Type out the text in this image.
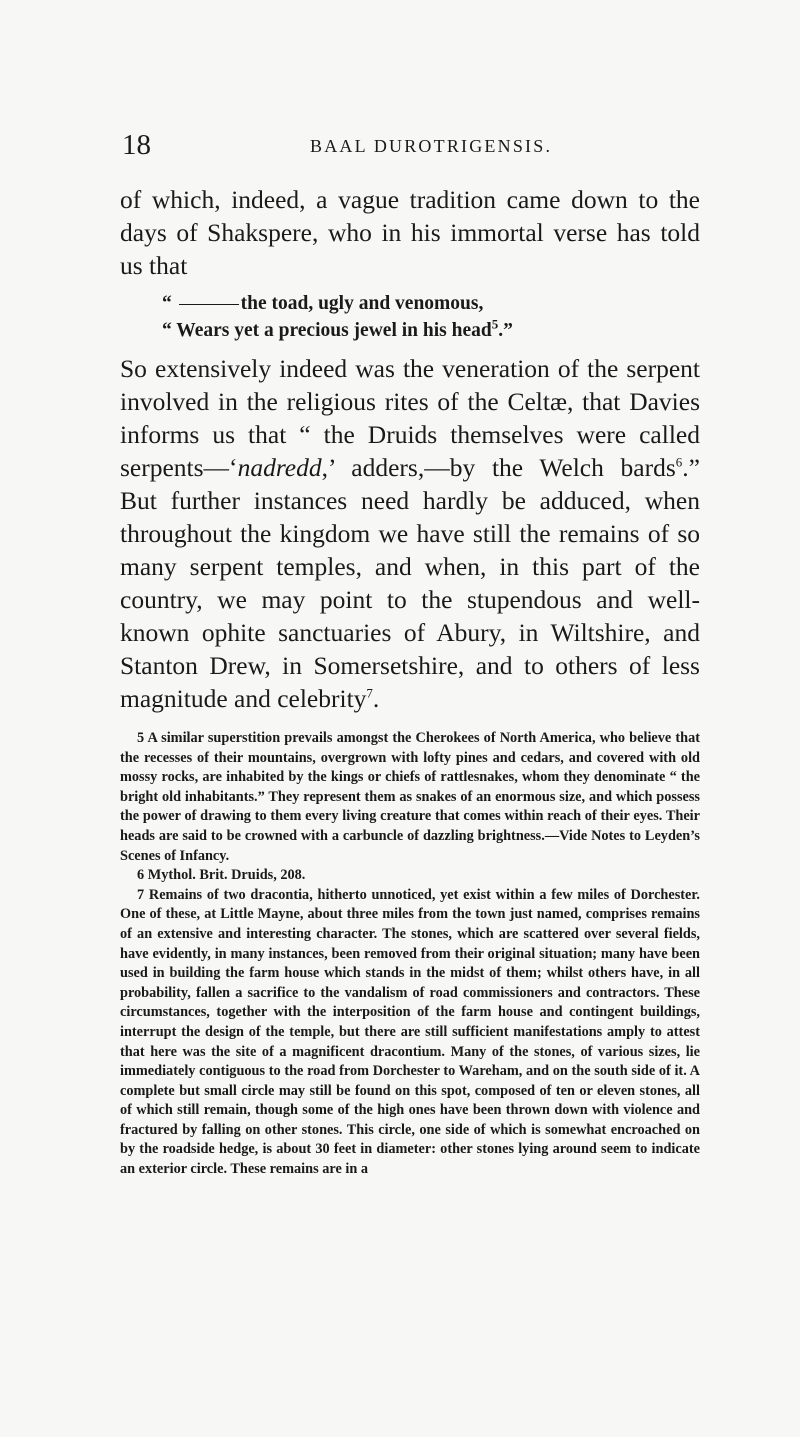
18	BAAL DUROTRIGENSIS.

of which, indeed, a vague tradition came down to the days of Shakspere, who in his immortal verse has told us that

“	the toad, ugly and venomous,
“ Wears yet a precious jewel in his head$^5$.”

So extensively indeed was the veneration of the serpent involved in the religious rites of the Celtæ, that Davies informs us that “ the Druids themselves were called serpents—‘nadredd,’ adders,—by the Welch bards$^6$.” But further instances need hardly be adduced, when throughout the kingdom we have still the remains of so many serpent temples, and when, in this part of the country, we may point to the stupendous and well-known ophite sanctuaries of Abury, in Wiltshire, and Stanton Drew, in Somersetshire, and to others of less magnitude and celebrity$^7$.

5 A similar superstition prevails amongst the Cherokees of North America, who believe that the recesses of their mountains, overgrown with lofty pines and cedars, and covered with old mossy rocks, are inhabited by the kings or chiefs of rattlesnakes, whom they denominate “ the bright old inhabitants.” They represent them as snakes of an enormous size, and which possess the power of drawing to them every living creature that comes within reach of their eyes. Their heads are said to be crowned with a carbuncle of dazzling brightness.—Vide Notes to Leyden’s Scenes of Infancy.

6 Mythol. Brit. Druids, 208.

7 Remains of two dracontia, hitherto unnoticed, yet exist within a few miles of Dorchester. One of these, at Little Mayne, about three miles from the town just named, comprises remains of an extensive and interesting character. The stones, which are scattered over several fields, have evidently, in many instances, been removed from their original situation; many have been used in building the farm house which stands in the midst of them; whilst others have, in all probability, fallen a sacrifice to the vandalism of road commissioners and contractors. These circumstances, together with the interposition of the farm house and contingent buildings, interrupt the design of the temple, but there are still sufficient manifestations amply to attest that here was the site of a magnificent dracontium. Many of the stones, of various sizes, lie immediately contiguous to the road from Dorchester to Wareham, and on the south side of it. A complete but small circle may still be found on this spot, composed of ten or eleven stones, all of which still remain, though some of the high ones have been thrown down with violence and fractured by falling on other stones. This circle, one side of which is somewhat encroached on by the roadside hedge, is about 30 feet in diameter: other stones lying around seem to indicate an exterior circle. These remains are in a
